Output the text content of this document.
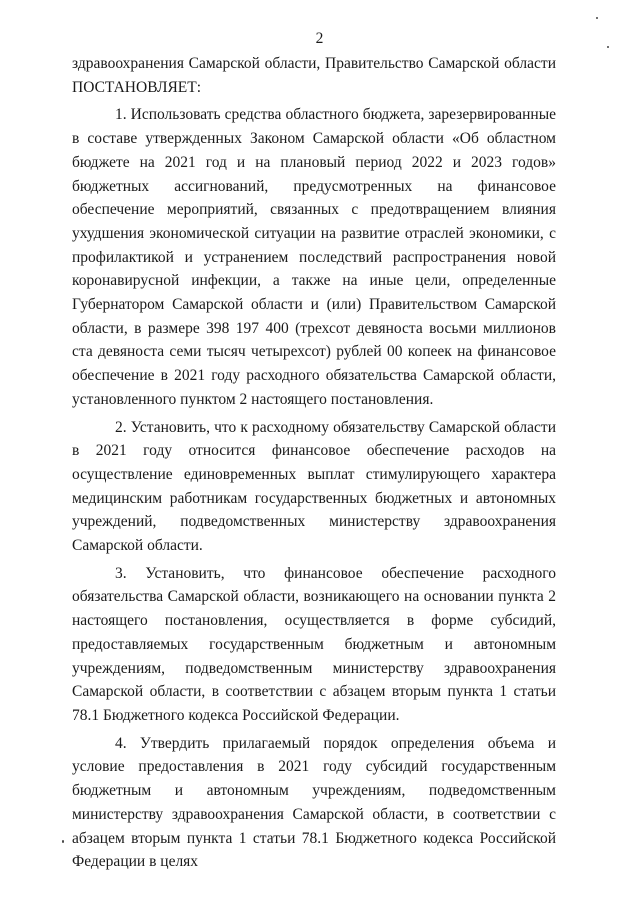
2

здравоохранения Самарской области, Правительство Самарской области ПОСТАНОВЛЯЕТ:

1. Использовать средства областного бюджета, зарезервированные в составе утвержденных Законом Самарской области «Об областном бюджете на 2021 год и на плановый период 2022 и 2023 годов» бюджетных ассигнований, предусмотренных на финансовое обеспечение мероприятий, связанных с предотвращением влияния ухудшения экономической ситуации на развитие отраслей экономики, с профилактикой и устранением последствий распространения новой коронавирусной инфекции, а также на иные цели, определенные Губернатором Самарской области и (или) Правительством Самарской области, в размере 398 197 400 (трехсот девяноста восьми миллионов ста девяноста семи тысяч четырехсот) рублей 00 копеек на финансовое обеспечение в 2021 году расходного обязательства Самарской области, установленного пунктом 2 настоящего постановления.

2. Установить, что к расходному обязательству Самарской области в 2021 году относится финансовое обеспечение расходов на осуществление единовременных выплат стимулирующего характера медицинским работникам государственных бюджетных и автономных учреждений, подведомственных министерству здравоохранения Самарской области.

3. Установить, что финансовое обеспечение расходного обязательства Самарской области, возникающего на основании пункта 2 настоящего постановления, осуществляется в форме субсидий, предоставляемых государственным бюджетным и автономным учреждениям, подведомственным министерству здравоохранения Самарской области, в соответствии с абзацем вторым пункта 1 статьи 78.1 Бюджетного кодекса Российской Федерации.

4. Утвердить прилагаемый порядок определения объема и условие предоставления в 2021 году субсидий государственным бюджетным и автономным учреждениям, подведомственным министерству здравоохранения Самарской области, в соответствии с абзацем вторым пункта 1 статьи 78.1 Бюджетного кодекса Российской Федерации в целях
